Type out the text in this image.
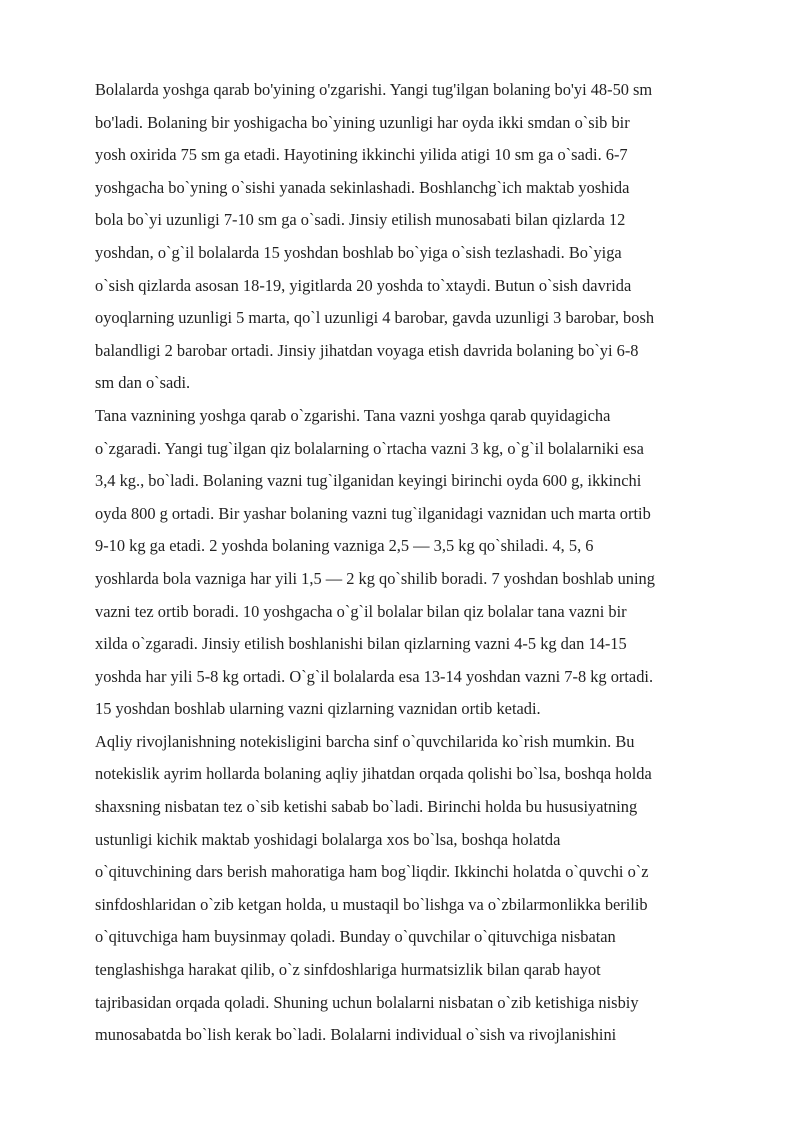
Bolalarda yoshga qarab bo'yining o'zgarishi. Yangi tug'ilgan bolaning bo'yi 48-50 sm
bo'ladi. Bolaning bir yoshigacha bo`yining uzunligi har oyda ikki smdan o`sib bir
yosh oxirida 75 sm ga etadi. Hayotining ikkinchi yilida atigi 10 sm ga o`sadi. 6-7
yoshgacha bo`yning o`sishi yanada sekinlashadi. Boshlanchg`ich maktab yoshida
bola bo`yi uzunligi 7-10 sm ga o`sadi. Jinsiy etilish munosabati bilan qizlarda 12
yoshdan, o`g`il bolalarda 15 yoshdan boshlab bo`yiga o`sish tezlashadi. Bo`yiga
o`sish qizlarda asosan 18-19, yigitlarda 20 yoshda to`xtaydi. Butun o`sish davrida
oyoqlarning uzunligi 5 marta, qo`l uzunligi 4 barobar, gavda uzunligi 3 barobar, bosh
balandligi 2 barobar ortadi. Jinsiy jihatdan voyaga etish davrida bolaning bo`yi 6-8
sm dan o`sadi.
Tana vaznining yoshga qarab o`zgarishi. Tana vazni yoshga qarab quyidagicha
o`zgaradi. Yangi tug`ilgan qiz bolalarning o`rtacha vazni 3 kg, o`g`il bolalarniki esa
3,4 kg., bo`ladi. Bolaning vazni tug`ilganidan keyingi birinchi oyda 600 g, ikkinchi
oyda 800 g ortadi. Bir yashar bolaning vazni tug`ilganidagi vaznidan uch marta ortib
9-10 kg ga etadi. 2 yoshda bolaning vazniga 2,5 — 3,5 kg qo`shiladi. 4, 5, 6
yoshlarda bola vazniga har yili 1,5 — 2 kg qo`shilib boradi. 7 yoshdan boshlab uning
vazni tez ortib boradi. 10 yoshgacha o`g`il bolalar bilan qiz bolalar tana vazni bir
xilda o`zgaradi. Jinsiy etilish boshlanishi bilan qizlarning vazni 4-5 kg dan 14-15
yoshda har yili 5-8 kg ortadi. O`g`il bolalarda esa 13-14 yoshdan vazni 7-8 kg ortadi.
15 yoshdan boshlab ularning vazni qizlarning vaznidan ortib ketadi.
Aqliy rivojlanishning notekisligini barcha sinf o`quvchilarida ko`rish mumkin. Bu
notekislik ayrim hollarda bolaning aqliy jihatdan orqada qolishi bo`lsa, boshqa holda
shaxsning nisbatan tez o`sib ketishi sabab bo`ladi. Birinchi holda bu hususiyatning
ustunligi kichik maktab yoshidagi bolalarga xos bo`lsa, boshqa holatda
o`qituvchining dars berish mahoratiga ham bog`liqdir. Ikkinchi holatda o`quvchi o`z
sinfdoshlaridan o`zib ketgan holda, u mustaqil bo`lishga va o`zbilarmonlikka berilib
o`qituvchiga ham buysinmay qoladi. Bunday o`quvchilar o`qituvchiga nisbatan
tenglashishga harakat qilib, o`z sinfdoshlariga hurmatsizlik bilan qarab hayot
tajribasidan orqada qoladi. Shuning uchun bolalarni nisbatan o`zib ketishiga nisbiy
munosabatda bo`lish kerak bo`ladi. Bolalarni individual o`sish va rivojlanishini
